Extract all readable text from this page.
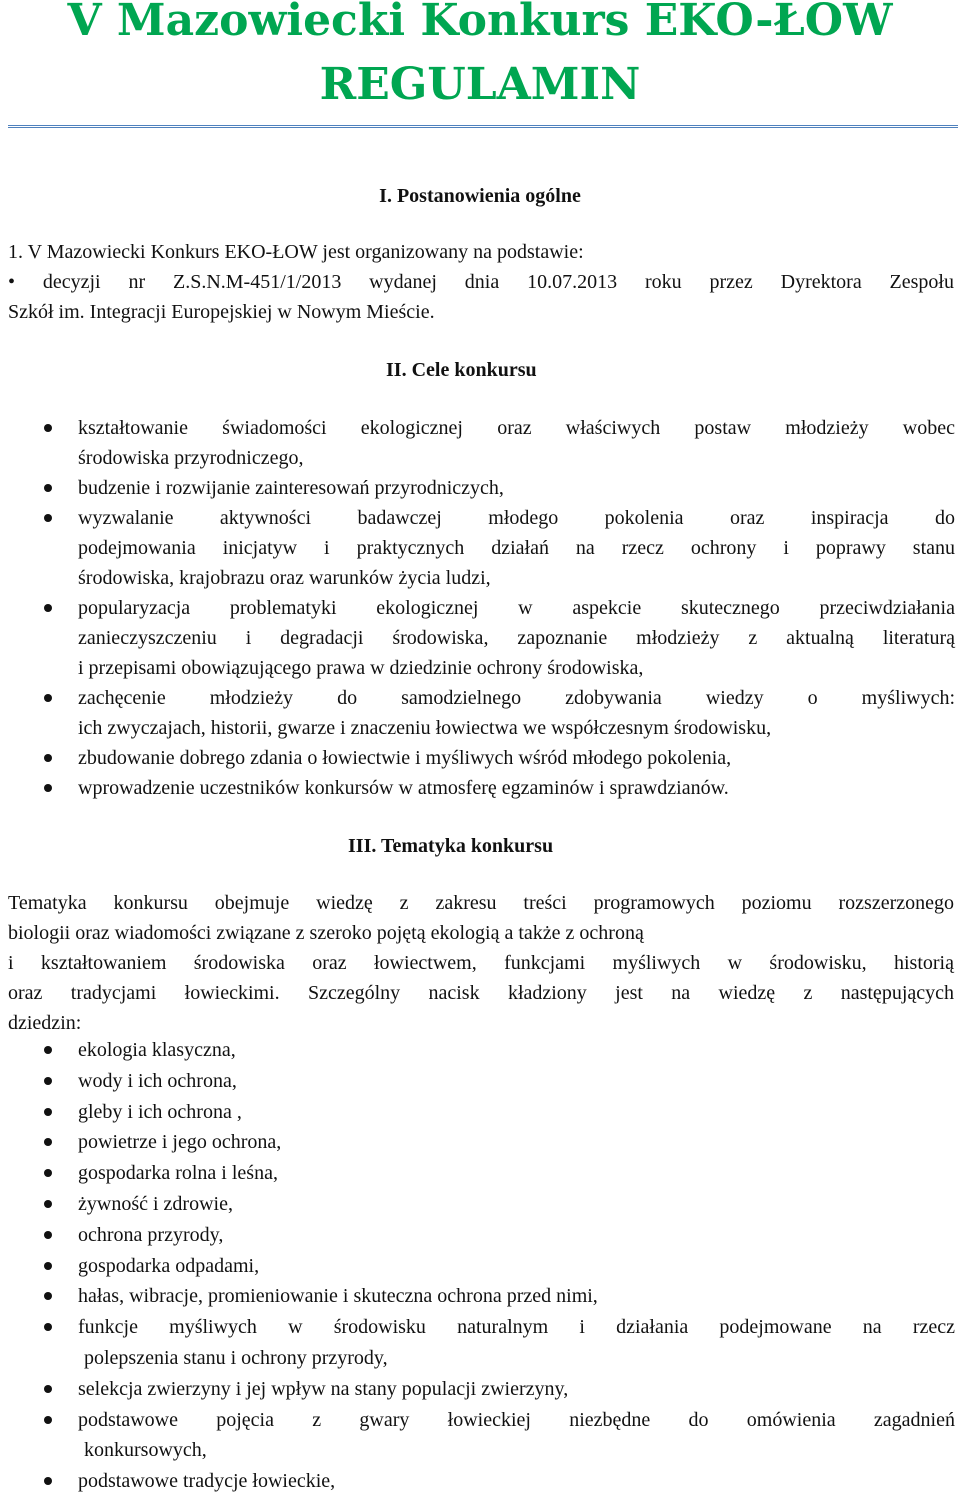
V Mazowiecki Konkurs EKO-ŁOW
REGULAMIN
I. Postanowienia ogólne
1. V Mazowiecki Konkurs EKO-ŁOW jest organizowany na podstawie:
• decyzji nr Z.S.N.M-451/1/2013 wydanej dnia 10.07.2013 roku przez Dyrektora Zespołu
Szkół im. Integracji Europejskiej w Nowym Mieście.
II. Cele konkursu
kształtowanie świadomości ekologicznej oraz właściwych postaw młodzieży wobec
środowiska przyrodniczego,
budzenie i rozwijanie zainteresowań przyrodniczych,
wyzwalanie aktywności badawczej młodego pokolenia oraz inspiracja do
podejmowania inicjatyw i praktycznych działań na rzecz ochrony i poprawy stanu
środowiska, krajobrazu oraz warunków życia ludzi,
popularyzacja problematyki ekologicznej w aspekcie skutecznego przeciwdziałania
zanieczyszczeniu i degradacji środowiska, zapoznanie młodzieży z aktualną literaturą
i przepisami obowiązującego prawa w dziedzinie ochrony środowiska,
zachęcenie młodzieży do samodzielnego zdobywania wiedzy o myśliwych:
ich zwyczajach, historii, gwarze i znaczeniu łowiectwa we współczesnym środowisku,
zbudowanie dobrego zdania o łowiectwie i myśliwych wśród młodego pokolenia,
wprowadzenie uczestników konkursów w atmosferę egzaminów i sprawdzianów.
III. Tematyka konkursu
Tematyka konkursu obejmuje wiedzę z zakresu treści programowych poziomu rozszerzonego
biologii oraz wiadomości związane z szeroko pojętą ekologią a także z ochroną
i kształtowaniem środowiska oraz łowiectwem, funkcjami myśliwych w środowisku, historią
oraz tradycjami łowieckimi. Szczególny nacisk kładziony jest na wiedzę z następujących
dziedzin:
ekologia klasyczna,
wody i ich ochrona,
gleby i ich ochrona ,
powietrze i jego ochrona,
gospodarka rolna i leśna,
żywność i zdrowie,
ochrona przyrody,
gospodarka odpadami,
hałas, wibracje, promieniowanie i skuteczna ochrona przed nimi,
funkcje myśliwych w środowisku naturalnym i działania podejmowane na rzecz
polepszenia stanu i ochrony przyrody,
selekcja zwierzyny i jej wpływ na stany populacji zwierzyny,
podstawowe pojęcia z gwary łowieckiej niezbędne do omówienia zagadnień
konkursowych,
podstawowe tradycje łowieckie,
